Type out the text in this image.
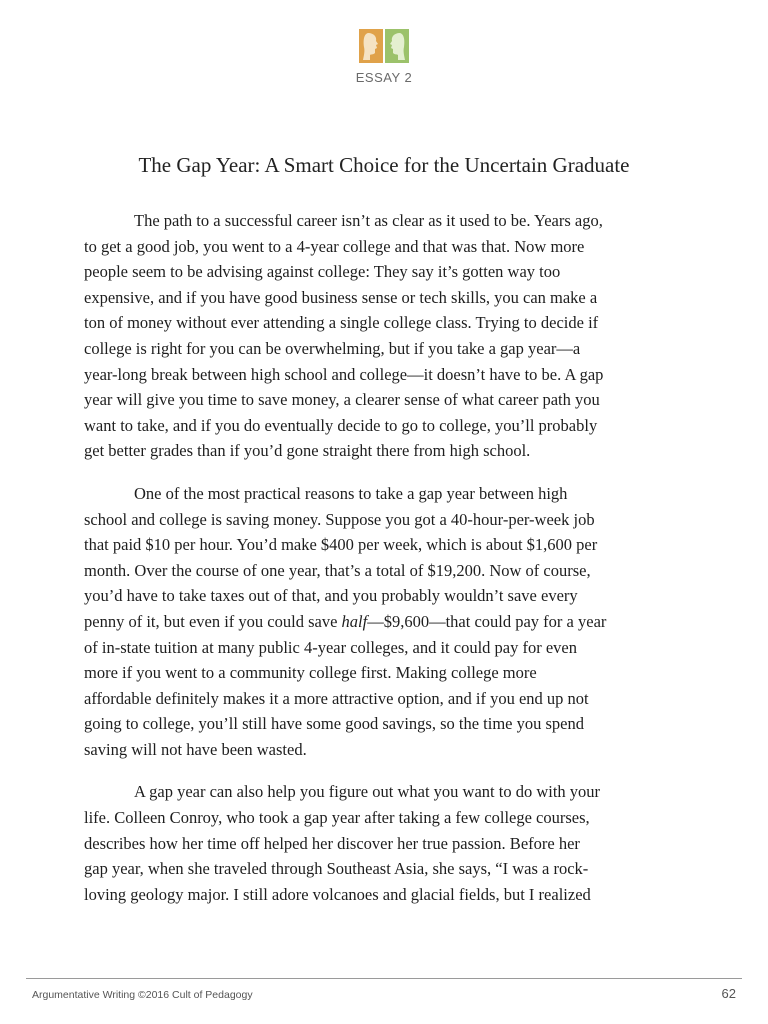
ESSAY 2
The Gap Year: A Smart Choice for the Uncertain Graduate

The path to a successful career isn’t as clear as it used to be. Years ago,
to get a good job, you went to a 4-year college and that was that. Now more
people seem to be advising against college: They say it’s gotten way too
expensive, and if you have good business sense or tech skills, you can make a
ton of money without ever attending a single college class. Trying to decide if
college is right for you can be overwhelming, but if you take a gap year—a
year-long break between high school and college—it doesn’t have to be. A gap
year will give you time to save money, a clearer sense of what career path you
want to take, and if you do eventually decide to go to college, you’ll probably
get better grades than if you’d gone straight there from high school.

One of the most practical reasons to take a gap year between high
school and college is saving money. Suppose you got a 40-hour-per-week job
that paid $10 per hour. You’d make $400 per week, which is about $1,600 per
month. Over the course of one year, that’s a total of $19,200. Now of course,
you’d have to take taxes out of that, and you probably wouldn’t save every
penny of it, but even if you could save half—$9,600—that could pay for a year
of in-state tuition at many public 4-year colleges, and it could pay for even
more if you went to a community college first. Making college more
affordable definitely makes it a more attractive option, and if you end up not
going to college, you’ll still have some good savings, so the time you spend
saving will not have been wasted.

A gap year can also help you figure out what you want to do with your
life. Colleen Conroy, who took a gap year after taking a few college courses,
describes how her time off helped her discover her true passion. Before her
gap year, when she traveled through Southeast Asia, she says, “I was a rock-
loving geology major. I still adore volcanoes and glacial fields, but I realized

Argumentative Writing ©2016 Cult of Pedagogy	62
